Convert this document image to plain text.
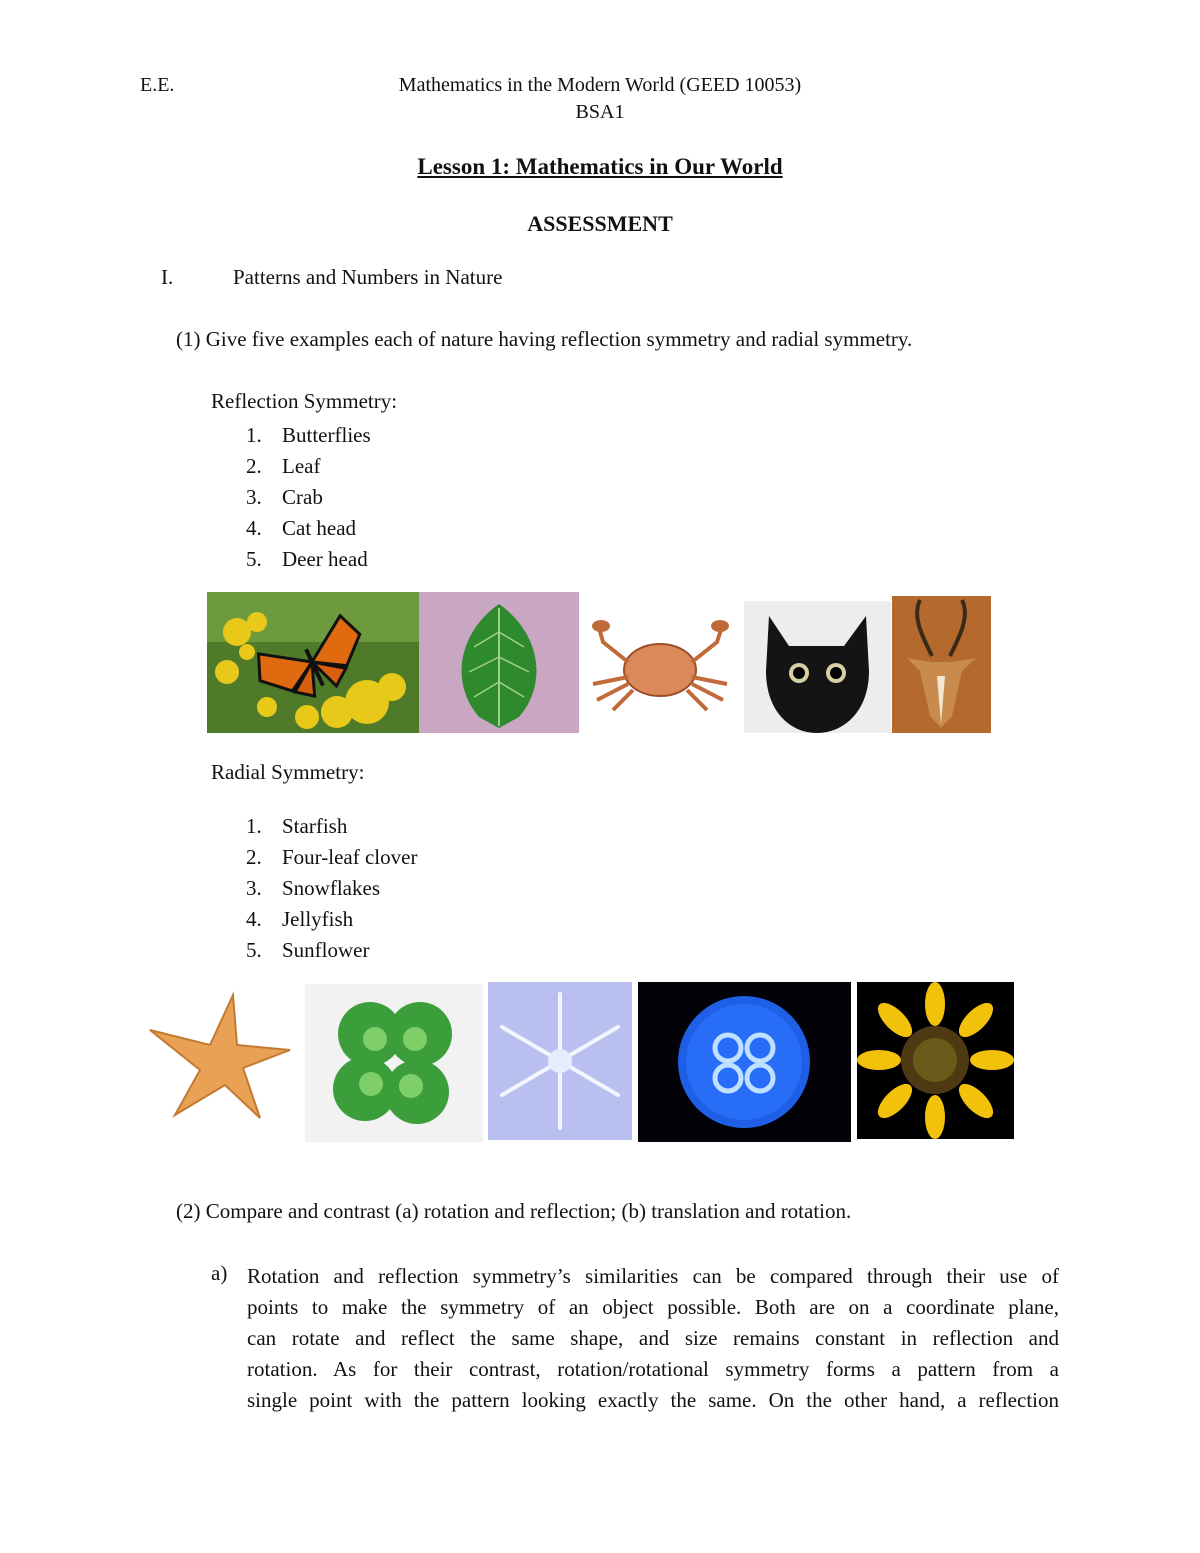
E.E.	Mathematics in the Modern World (GEED 10053)
BSA1
Lesson 1: Mathematics in Our World
ASSESSMENT
I.	Patterns and Numbers in Nature
(1) Give five examples each of nature having reflection symmetry and radial symmetry.
Reflection Symmetry:
1. Butterflies
2. Leaf
3. Crab
4. Cat head
5. Deer head
Radial Symmetry:
1. Starfish
2. Four-leaf clover
3. Snowflakes
4. Jellyfish
5. Sunflower
(2) Compare and contrast (a) rotation and reflection; (b) translation and rotation.
a) Rotation and reflection symmetry’s similarities can be compared through their use of
points to make the symmetry of an object possible. Both are on a coordinate plane,
can rotate and reflect the same shape, and size remains constant in reflection and
rotation. As for their contrast, rotation/rotational symmetry forms a pattern from a
single point with the pattern looking exactly the same. On the other hand, a reflection
